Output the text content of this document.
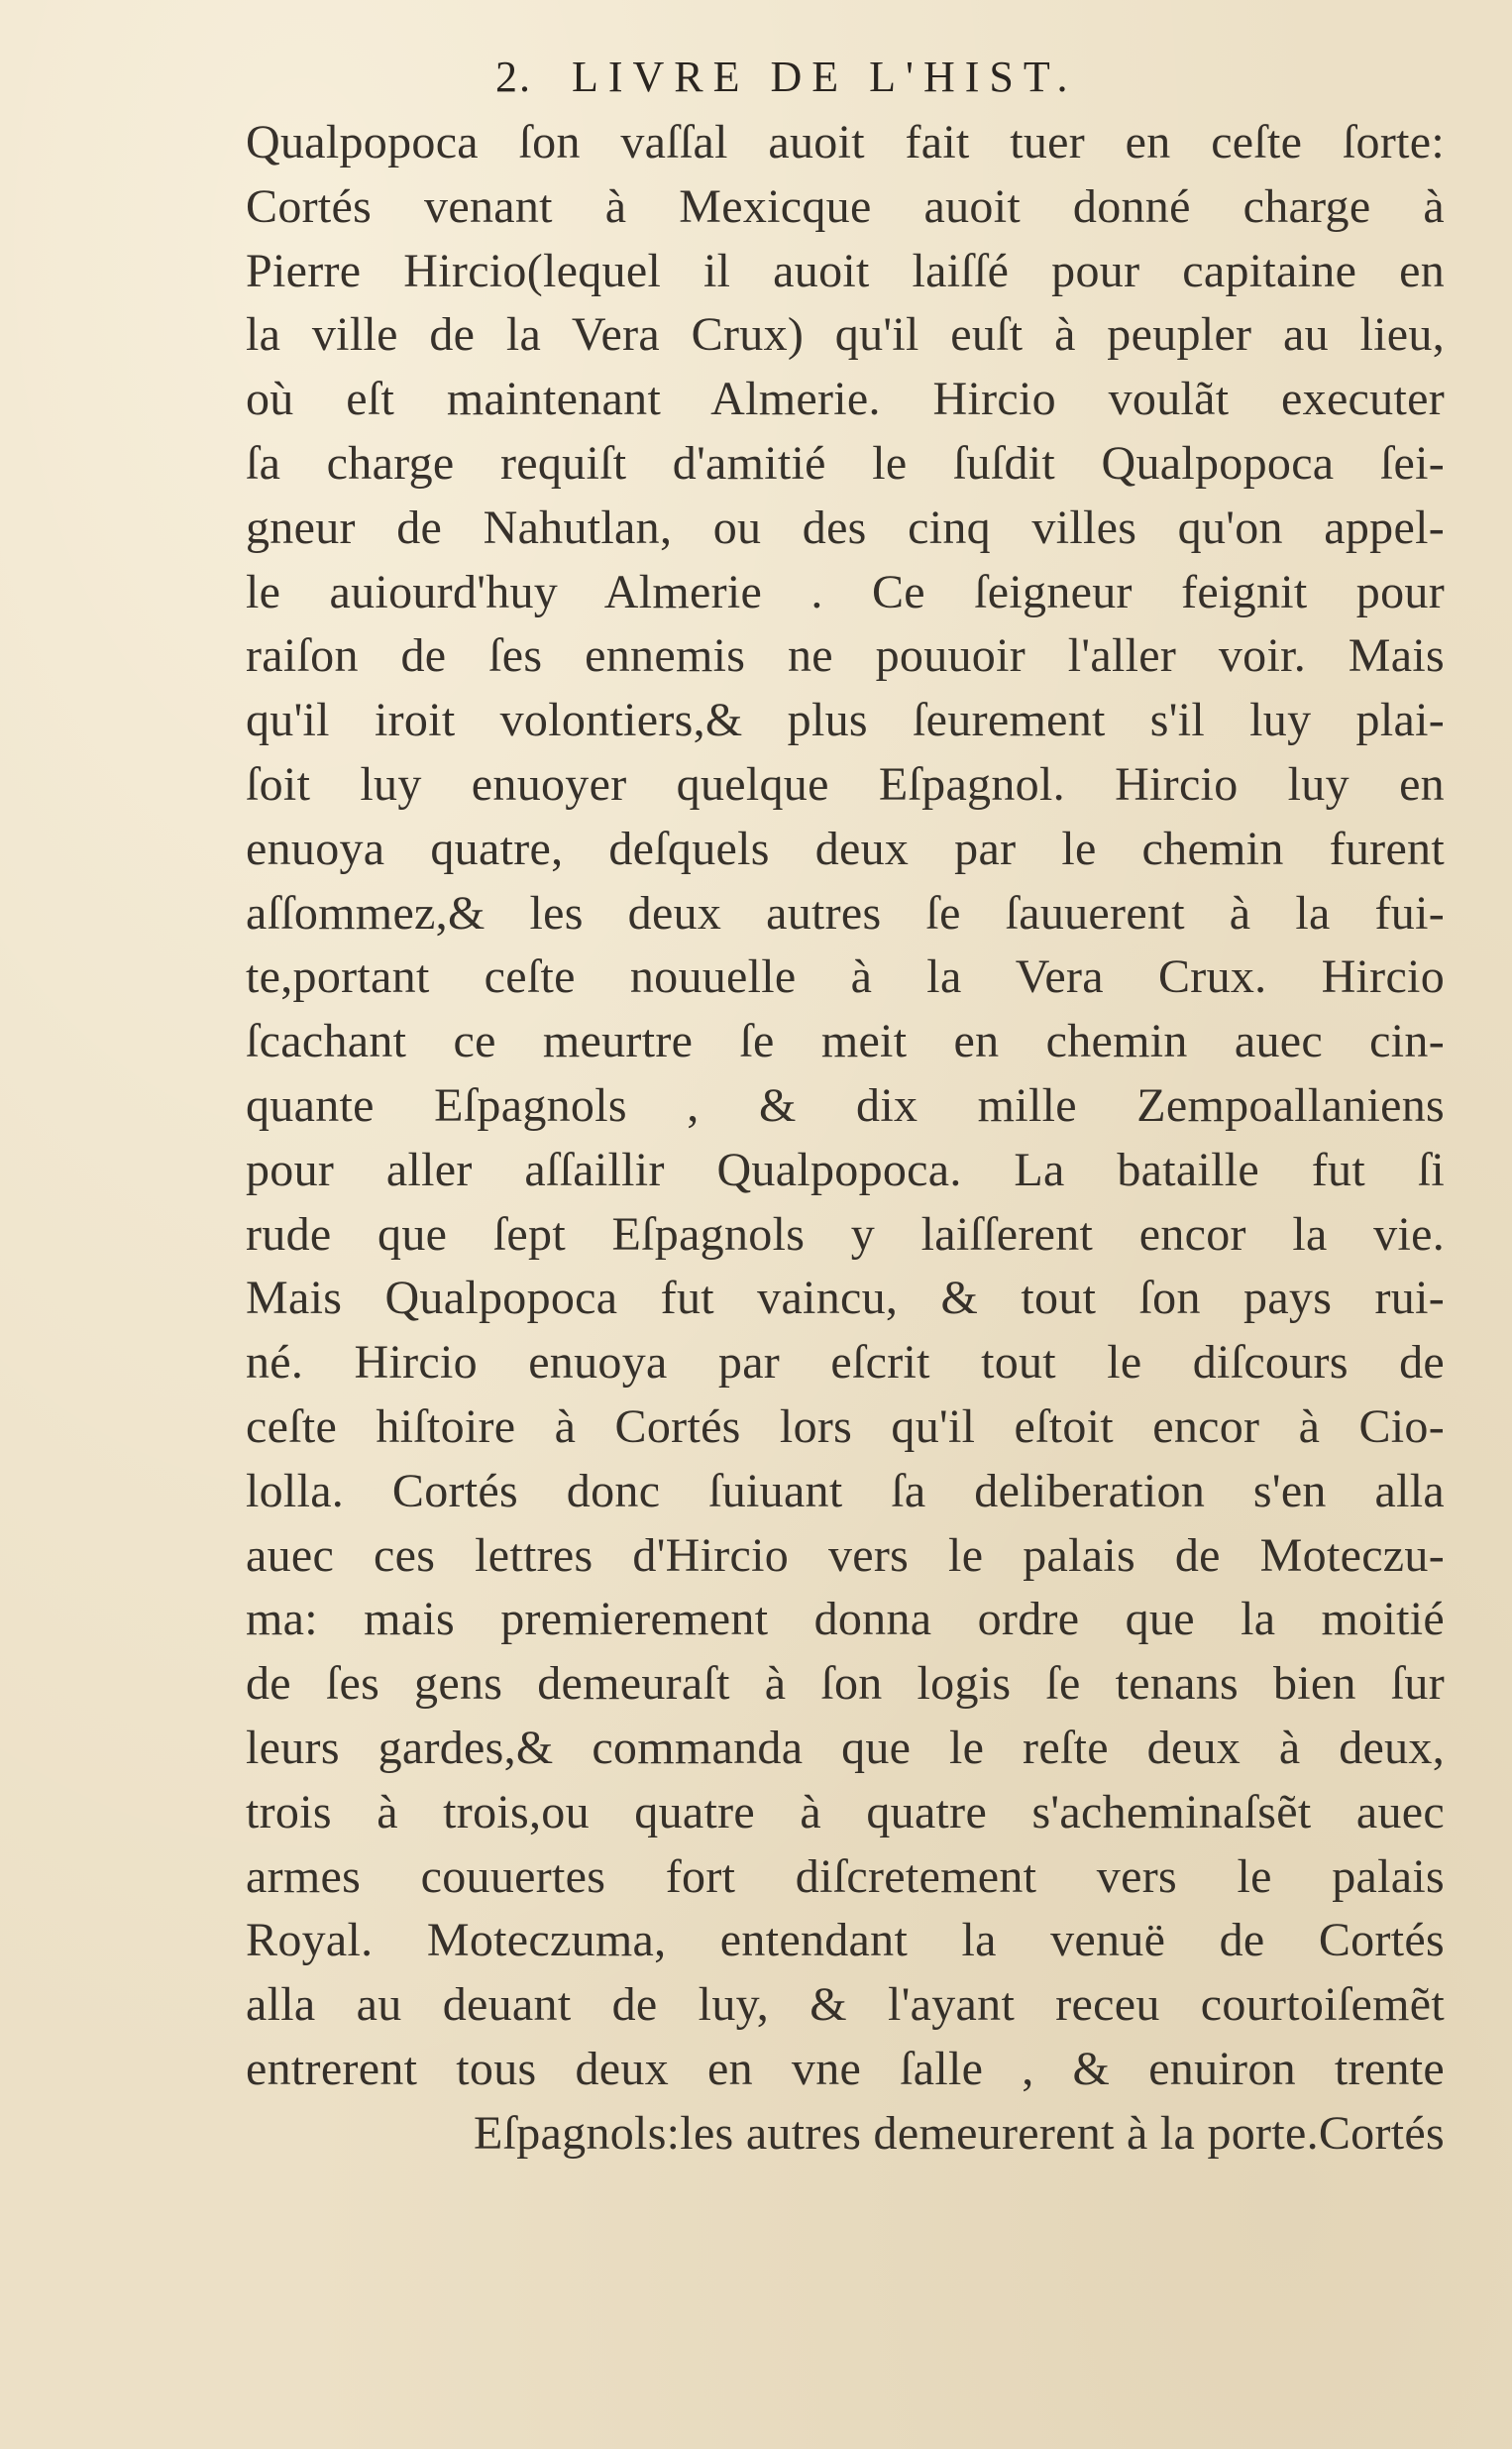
2. LIVRE DE L'HIST.
Qualpopoca ſon vaſſal auoit fait tuer en ceſte ſorte:
Cortés venant à Mexicque auoit donné charge à
Pierre Hircio(lequel il auoit laiſſé pour capitaine en
la ville de la Vera Crux) qu'il euſt à peupler au lieu,
où eſt maintenant Almerie. Hircio voulãt executer
ſa charge requiſt d'amitié le ſuſdit Qualpopoca ſei-
gneur de Nahutlan, ou des cinq villes qu'on appel-
le auiourd'huy Almerie . Ce ſeigneur feignit pour
raiſon de ſes ennemis ne pouuoir l'aller voir. Mais
qu'il iroit volontiers,& plus ſeurement s'il luy plai-
ſoit luy enuoyer quelque Eſpagnol. Hircio luy en
enuoya quatre, deſquels deux par le chemin furent
aſſommez,& les deux autres ſe ſauuerent à la fui-
te,portant ceſte nouuelle à la Vera Crux. Hircio
ſcachant ce meurtre ſe meit en chemin auec cin-
quante Eſpagnols , & dix mille Zempoallaniens
pour aller aſſaillir Qualpopoca. La bataille fut ſi
rude que ſept Eſpagnols y laiſſerent encor la vie.
Mais Qualpopoca fut vaincu, & tout ſon pays rui-
né. Hircio enuoya par eſcrit tout le diſcours de
ceſte hiſtoire à Cortés lors qu'il eſtoit encor à Cio-
lolla. Cortés donc ſuiuant ſa deliberation s'en alla
auec ces lettres d'Hircio vers le palais de Moteczu-
ma: mais premierement donna ordre que la moitié
de ſes gens demeuraſt à ſon logis ſe tenans bien ſur
leurs gardes,& commanda que le reſte deux à deux,
trois à trois,ou quatre à quatre s'acheminaſsẽt auec
armes couuertes fort diſcretement vers le palais
Royal. Moteczuma, entendant la venuë de Cortés
alla au deuant de luy, & l'ayant receu courtoiſemẽt
entrerent tous deux en vne ſalle , & enuiron trente
Eſpagnols:les autres demeurerent à la porte.Cortés
